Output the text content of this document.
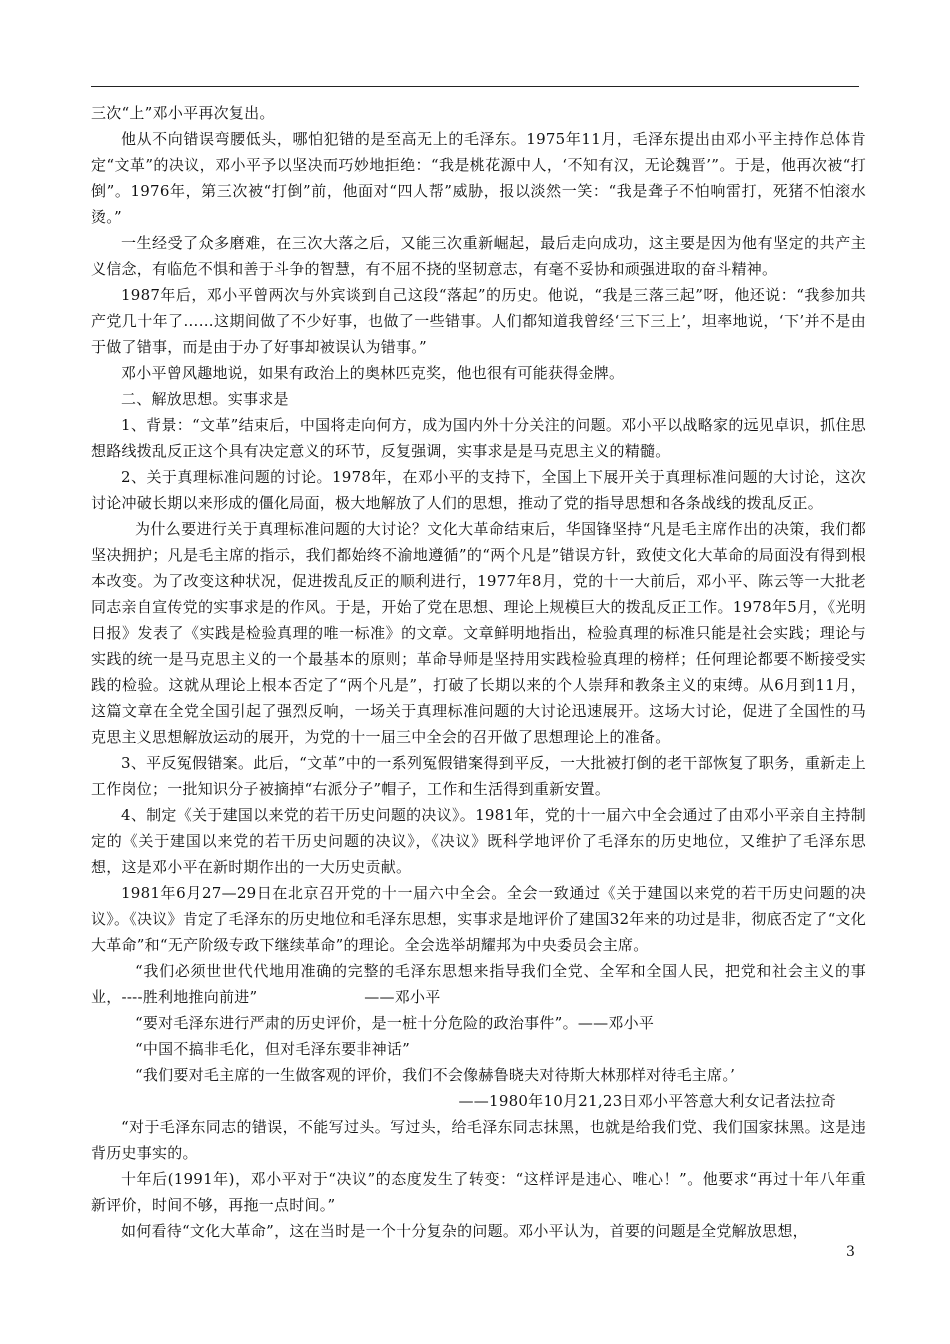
三次“上”邓小平再次复出。

他从不向错误弯腰低头，哪怕犯错的是至高无上的毛泽东。1975年11月，毛泽东提出由邓小平主持作总体肯定“文革”的决议，邓小平予以坚决而巧妙地拒绝：“我是桃花源中人，‘不知有汉，无论魏晋’”。于是，他再次被“打倒”。1976年，第三次被“打倒”前，他面对“四人帮”威胁，报以淡然一笑：“我是聋子不怕响雷打，死猪不怕滚水烫。”

一生经受了众多磨难，在三次大落之后，又能三次重新崛起，最后走向成功，这主要是因为他有坚定的共产主义信念，有临危不惧和善于斗争的智慧，有不屈不挠的坚韧意志，有毫不妥协和顽强进取的奋斗精神。

1987年后，邓小平曾两次与外宾谈到自己这段“落起”的历史。他说，“我是三落三起”呀，他还说：“我参加共产党几十年了……这期间做了不少好事，也做了一些错事。人们都知道我曾经‘三下三上’，坦率地说，‘下’并不是由于做了错事，而是由于办了好事却被误认为错事。”

邓小平曾风趣地说，如果有政治上的奥林匹克奖，他也很有可能获得金牌。

二、解放思想。实事求是

1、背景：“文革”结束后，中国将走向何方，成为国内外十分关注的问题。邓小平以战略家的远见卓识，抓住思想路线拨乱反正这个具有决定意义的环节，反复强调，实事求是是马克思主义的精髓。

2、关于真理标准问题的讨论。1978年，在邓小平的支持下，全国上下展开关于真理标准问题的大讨论，这次讨论冲破长期以来形成的僵化局面，极大地解放了人们的思想，推动了党的指导思想和各条战线的拨乱反正。

为什么要进行关于真理标准问题的大讨论？文化大革命结束后，华国锋坚持“凡是毛主席作出的决策，我们都坚决拥护；凡是毛主席的指示，我们都始终不渝地遵循”的“两个凡是”错误方针，致使文化大革命的局面没有得到根本改变。为了改变这种状况，促进拨乱反正的顺利进行，1977年8月，党的十一大前后，邓小平、陈云等一大批老同志亲自宣传党的实事求是的作风。于是，开始了党在思想、理论上规模巨大的拨乱反正工作。1978年5月，《光明日报》发表了《实践是检验真理的唯一标准》的文章。文章鲜明地指出，检验真理的标准只能是社会实践；理论与实践的统一是马克思主义的一个最基本的原则；革命导师是坚持用实践检验真理的榜样；任何理论都要不断接受实践的检验。这就从理论上根本否定了“两个凡是”，打破了长期以来的个人崇拜和教条主义的束缚。从6月到11月，这篇文章在全党全国引起了强烈反响，一场关于真理标准问题的大讨论迅速展开。这场大讨论，促进了全国性的马克思主义思想解放运动的展开，为党的十一届三中全会的召开做了思想理论上的准备。

3、平反冤假错案。此后，“文革”中的一系列冤假错案得到平反，一大批被打倒的老干部恢复了职务，重新走上工作岗位；一批知识分子被摘掉“右派分子”帽子，工作和生活得到重新安置。

4、制定《关于建国以来党的若干历史问题的决议》。1981年，党的十一届六中全会通过了由邓小平亲自主持制定的《关于建国以来党的若干历史问题的决议》，《决议》既科学地评价了毛泽东的历史地位，又维护了毛泽东思想，这是邓小平在新时期作出的一大历史贡献。

1981年6月27—29日在北京召开党的十一届六中全会。全会一致通过《关于建国以来党的若干历史问题的决议》。《决议》肯定了毛泽东的历史地位和毛泽东思想，实事求是地评价了建国32年来的功过是非，彻底否定了“文化大革命”和“无产阶级专政下继续革命”的理论。全会选举胡耀邦为中央委员会主席。

“我们必须世世代代地用准确的完整的毛泽东思想来指导我们全党、全军和全国人民，把党和社会主义的事业，----胜利地推向前进”　　　　　　　——邓小平

“要对毛泽东进行严肃的历史评价，是一桩十分危险的政治事件”。——邓小平

“中国不搞非毛化，但对毛泽东要非神话”

“我们要对毛主席的一生做客观的评价，我们不会像赫鲁晓夫对待斯大林那样对待毛主席。’

——1980年10月21,23日邓小平答意大利女记者法拉奇

“对于毛泽东同志的错误，不能写过头。写过头，给毛泽东同志抹黑，也就是给我们党、我们国家抹黑。这是违背历史事实的。

十年后(1991年)，邓小平对于“决议”的态度发生了转变：“这样评是违心、唯心！”。他要求“再过十年八年重新评价，时间不够，再拖一点时间。”

如何看待“文化大革命”，这在当时是一个十分复杂的问题。邓小平认为，首要的问题是全党解放思想，

3
